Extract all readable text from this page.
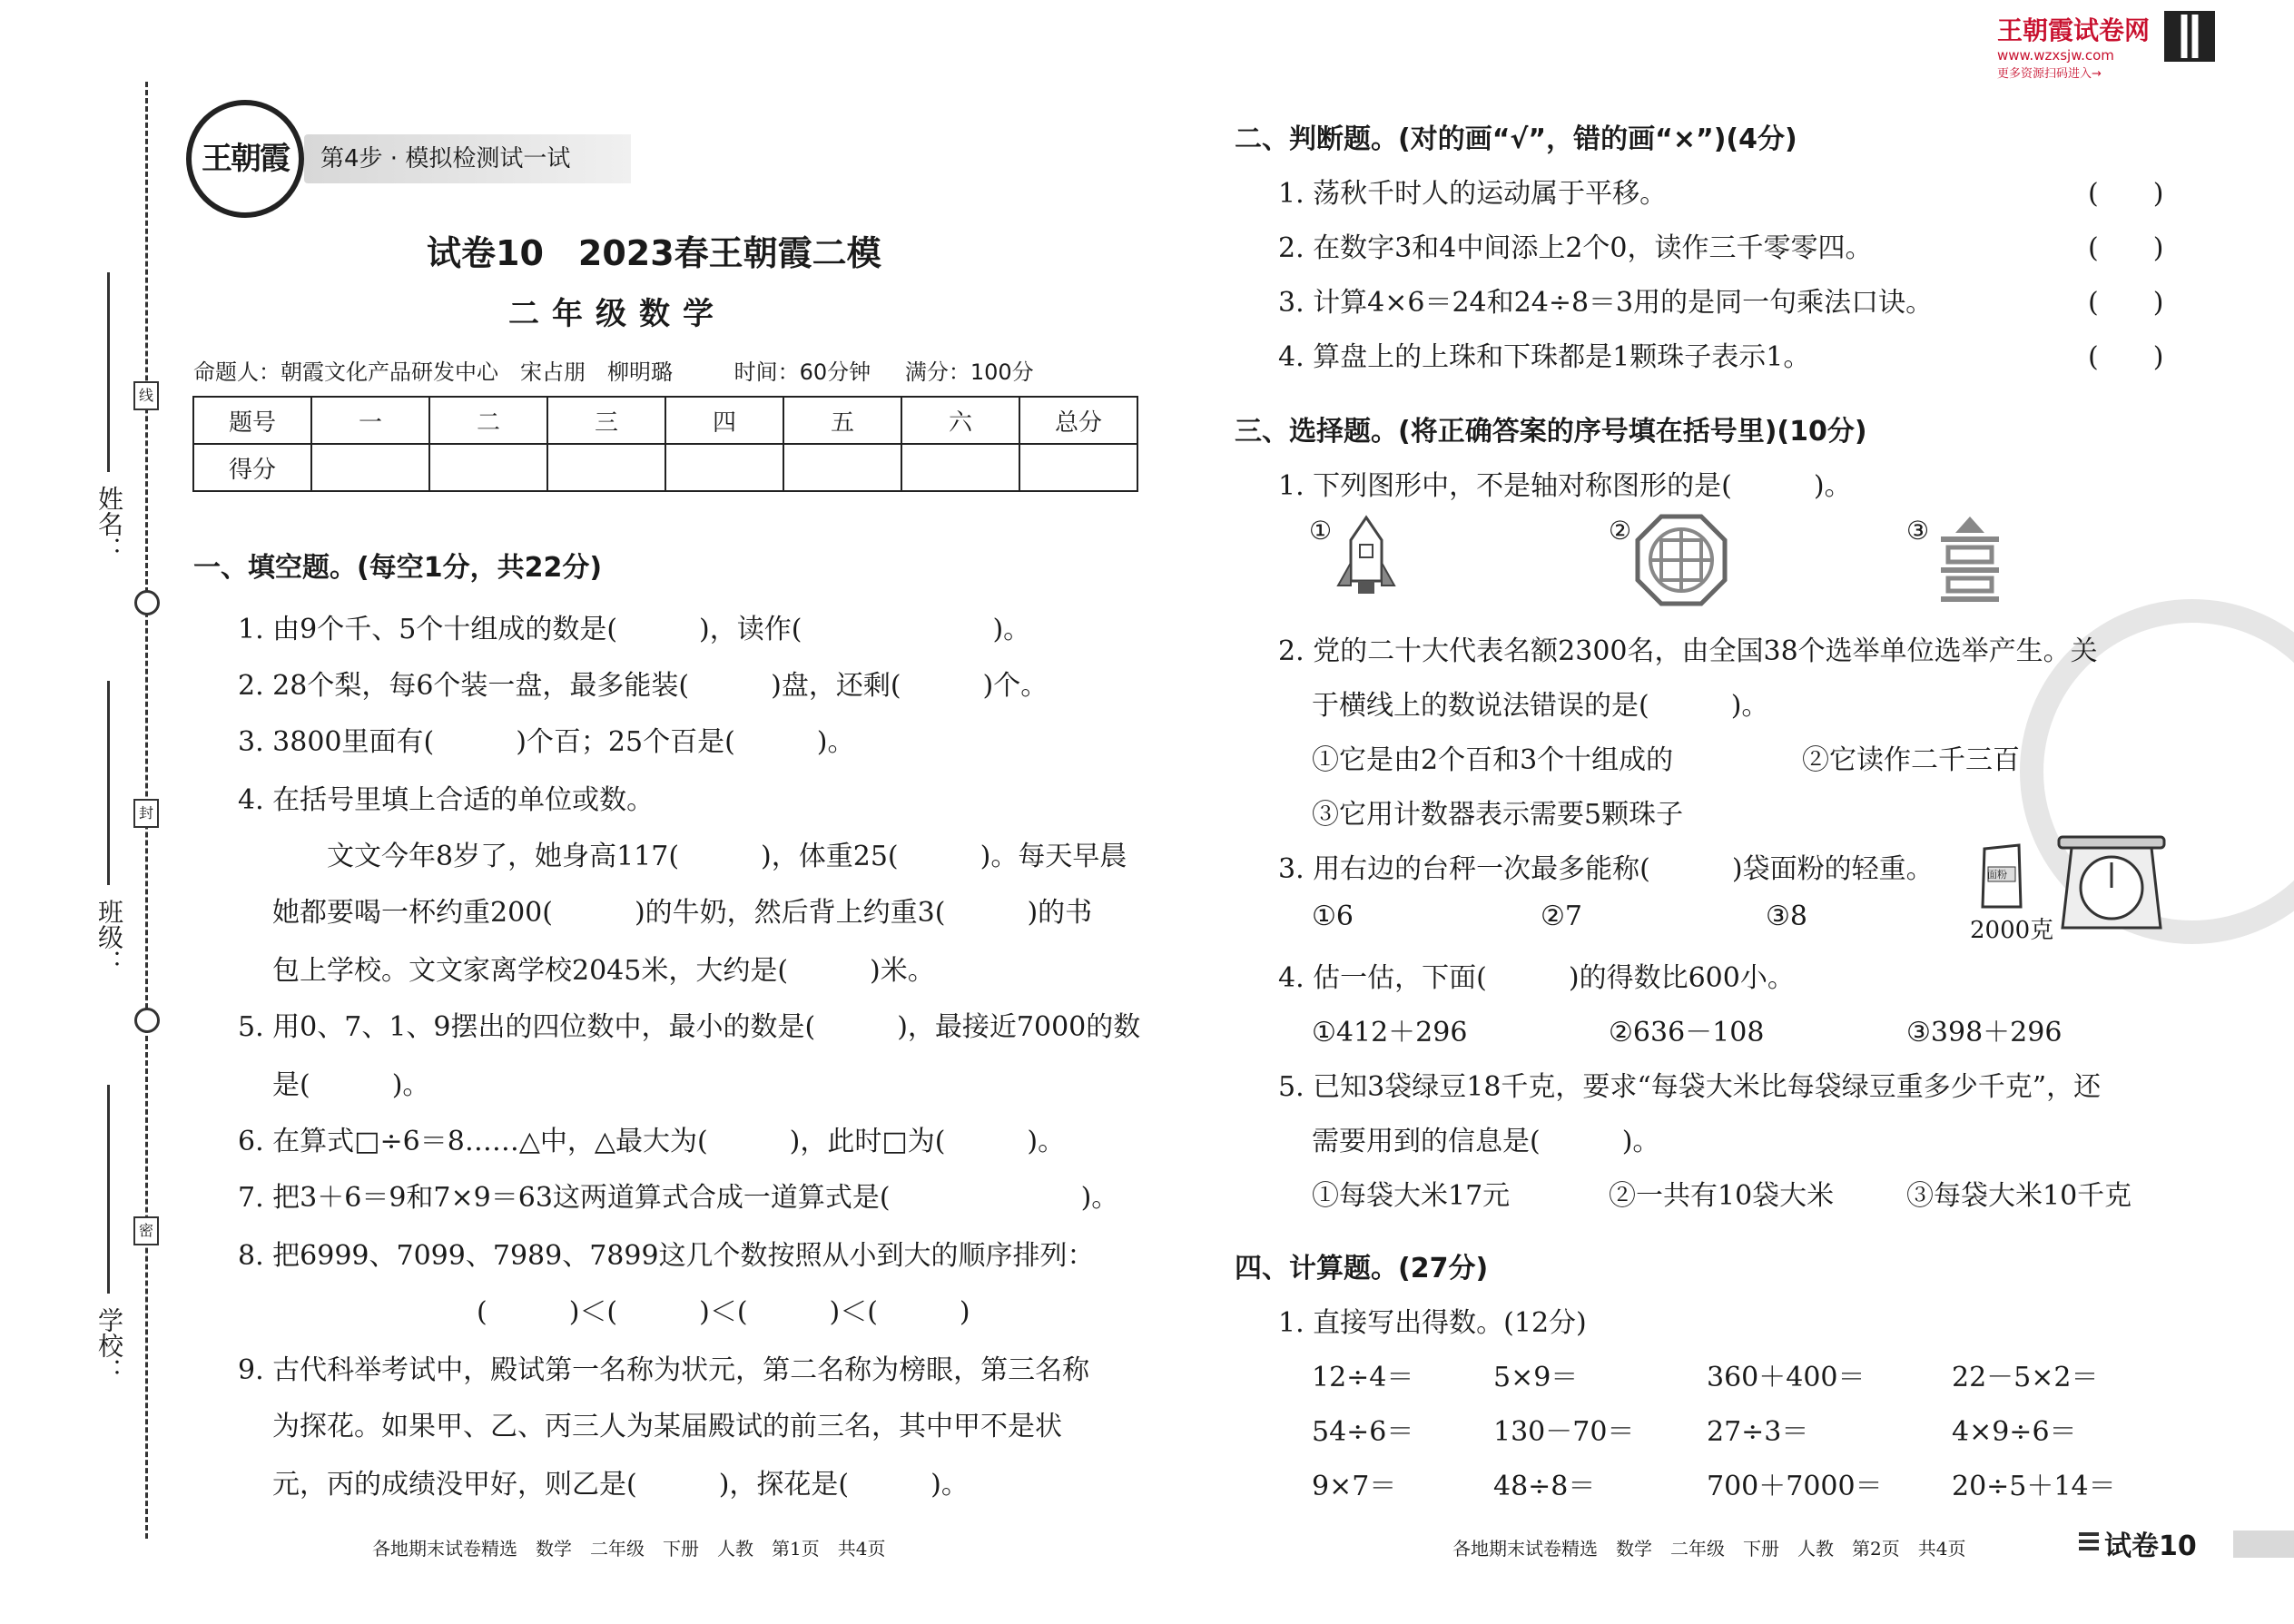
线
封
密
姓名：
班级：
学校：
王朝霞	第4步 · 模拟检测试一试
试卷10　2023春王朝霞二模
二年级数学
命题人：朝霞文化产品研发中心　宋占朋　柳明璐	时间：60分钟 满分：100分
题号	一	二	三	四	五	六	总分
得分							
一、填空题。(每空1分，共22分)
1. 由9个千、5个十组成的数是(　　　)，读作(　　　　　　　)。
2. 28个梨，每6个装一盘，最多能装(　　　)盘，还剩(　　　)个。
3. 3800里面有(　　　)个百；25个百是(　　　)。
4. 在括号里填上合适的单位或数。
　　文文今年8岁了，她身高117(　　　)，体重25(　　　)。每天早晨
她都要喝一杯约重200(　　　)的牛奶，然后背上约重3(　　　)的书
包上学校。文文家离学校2045米，大约是(　　　)米。
5. 用0、7、1、9摆出的四位数中，最小的数是(　　　)，最接近7000的数
是(　　　)。
6. 在算式□÷6＝8……△中，△最大为(　　　)，此时□为(　　　)。
7. 把3＋6＝9和7×9＝63这两道算式合成一道算式是(　　　　　　　)。
8. 把6999、7099、7989、7899这几个数按照从小到大的顺序排列：
(　　　)＜(　　　)＜(　　　)＜(　　　)
9. 古代科举考试中，殿试第一名称为状元，第二名称为榜眼，第三名称
为探花。如果甲、乙、丙三人为某届殿试的前三名，其中甲不是状
元，丙的成绩没甲好，则乙是(　　　)，探花是(　　　)。
各地期末试卷精选　数学　二年级　下册　人教　第1页　共4页
王朝霞试卷网
www.wzxsjw.com
更多资源扫码进入→
二、判断题。(对的画“√”，错的画“×”)(4分)
1. 荡秋千时人的运动属于平移。	(　　)
2. 在数字3和4中间添上2个0，读作三千零零四。	(　　)
3. 计算4×6＝24和24÷8＝3用的是同一句乘法口诀。	(　　)
4. 算盘上的上珠和下珠都是1颗珠子表示1。	(　　)
三、选择题。(将正确答案的序号填在括号里)(10分)
1. 下列图形中，不是轴对称图形的是(　　　)。
①	②	③
2. 党的二十大代表名额2300名，由全国38个选举单位选举产生。关
于横线上的数说法错误的是(　　　)。
①它是由2个百和3个十组成的	②它读作二千三百
③它用计数器表示需要5颗珠子
3. 用右边的台秤一次最多能称(　　　)袋面粉的轻重。
①6	②7	③8
面粉
2000克
4. 估一估，下面(　　　)的得数比600小。
①412＋296	②636－108	③398＋296
5. 已知3袋绿豆18千克，要求“每袋大米比每袋绿豆重多少千克”，还
需要用到的信息是(　　　)。
①每袋大米17元	②一共有10袋大米	③每袋大米10千克
四、计算题。(27分)
1. 直接写出得数。(12分)
12÷4＝	5×9＝	360＋400＝	22－5×2＝
54÷6＝	130－70＝	27÷3＝	4×9÷6＝
9×7＝	48÷8＝	700＋7000＝	20÷5＋14＝
各地期末试卷精选　数学　二年级　下册　人教　第2页　共4页	试卷10
